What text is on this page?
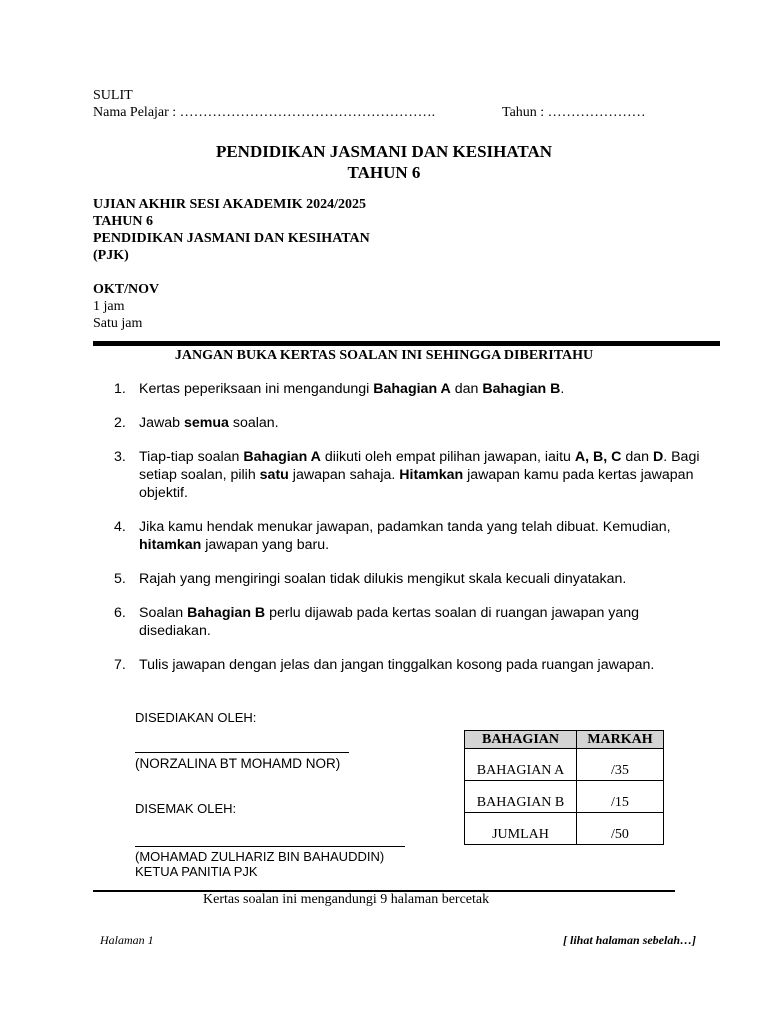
SULIT
Nama Pelajar : ……………………………………………….	Tahun : …………………
PENDIDIKAN JASMANI DAN KESIHATAN
TAHUN 6
UJIAN AKHIR SESI AKADEMIK 2024/2025
TAHUN 6
PENDIDIKAN JASMANI DAN KESIHATAN
(PJK)
OKT/NOV
1 jam
Satu jam
JANGAN BUKA KERTAS SOALAN INI SEHINGGA DIBERITAHU
1. Kertas peperiksaan ini mengandungi Bahagian A dan Bahagian B.
2. Jawab semua soalan.
3. Tiap-tiap soalan Bahagian A diikuti oleh empat pilihan jawapan, iaitu A, B, C dan D. Bagi setiap soalan, pilih satu jawapan sahaja. Hitamkan jawapan kamu pada kertas jawapan objektif.
4. Jika kamu hendak menukar jawapan, padamkan tanda yang telah dibuat. Kemudian, hitamkan jawapan yang baru.
5. Rajah yang mengiringi soalan tidak dilukis mengikut skala kecuali dinyatakan.
6. Soalan Bahagian B perlu dijawab pada kertas soalan di ruangan jawapan yang disediakan.
7. Tulis jawapan dengan jelas dan jangan tinggalkan kosong pada ruangan jawapan.
DISEDIAKAN OLEH:
(NORZALINA BT MOHAMD NOR)
DISEMAK OLEH:
(MOHAMAD ZULHARIZ BIN BAHAUDDIN)
KETUA PANITIA PJK
BAHAGIAN	MARKAH
BAHAGIAN A	/35
BAHAGIAN B	/15
JUMLAH	/50
Kertas soalan ini mengandungi 9 halaman bercetak
Halaman 1	[ lihat halaman sebelah…]
